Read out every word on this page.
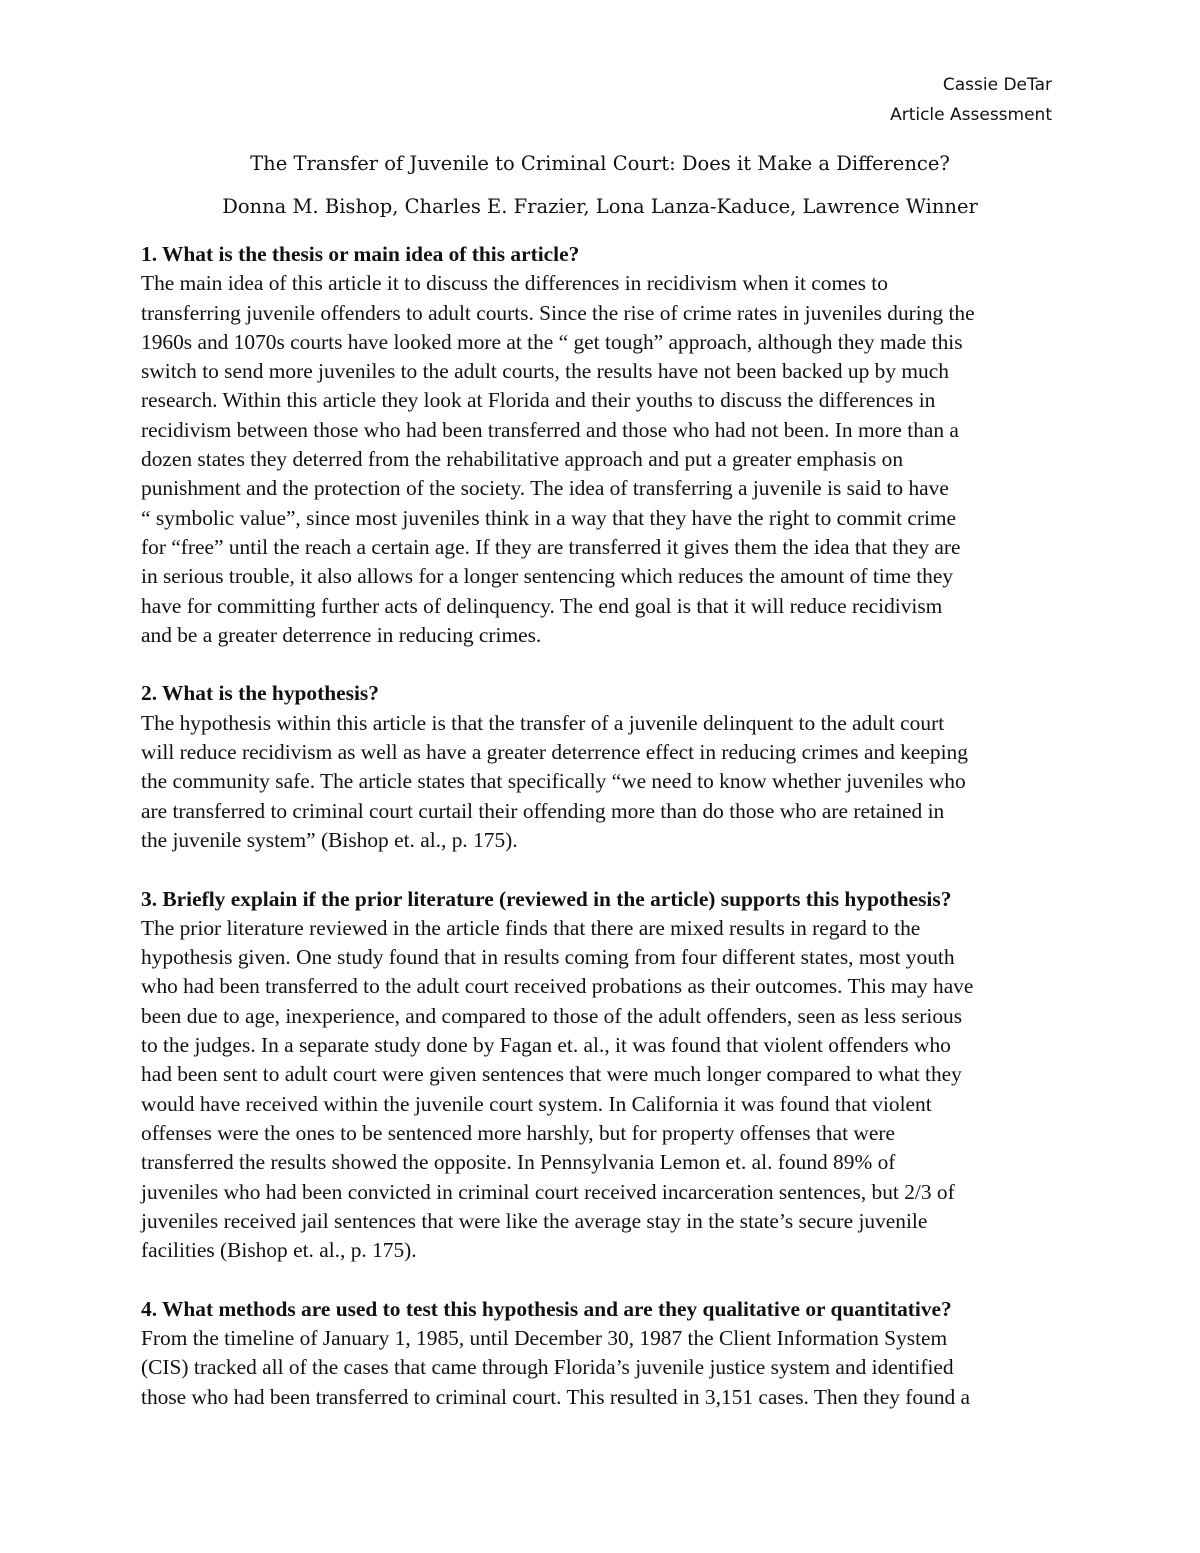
Cassie DeTar
Article Assessment
The Transfer of Juvenile to Criminal Court: Does it Make a Difference?
Donna M. Bishop, Charles E. Frazier, Lona Lanza-Kaduce, Lawrence Winner
1. What is the thesis or main idea of this article?
The main idea of this article it to discuss the differences in recidivism when it comes to
transferring juvenile offenders to adult courts. Since the rise of crime rates in juveniles during the
1960s and 1070s courts have looked more at the “ get tough” approach, although they made this
switch to send more juveniles to the adult courts, the results have not been backed up by much
research. Within this article they look at Florida and their youths to discuss the differences in
recidivism between those who had been transferred and those who had not been. In more than a
dozen states they deterred from the rehabilitative approach and put a greater emphasis on
punishment and the protection of the society. The idea of transferring a juvenile is said to have
“ symbolic value”, since most juveniles think in a way that they have the right to commit crime
for “free” until the reach a certain age. If they are transferred it gives them the idea that they are
in serious trouble, it also allows for a longer sentencing which reduces the amount of time they
have for committing further acts of delinquency. The end goal is that it will reduce recidivism
and be a greater deterrence in reducing crimes.
2. What is the hypothesis?
The hypothesis within this article is that the transfer of a juvenile delinquent to the adult court
will reduce recidivism as well as have a greater deterrence effect in reducing crimes and keeping
the community safe. The article states that specifically “we need to know whether juveniles who
are transferred to criminal court curtail their offending more than do those who are retained in
the juvenile system” (Bishop et. al., p. 175).
3. Briefly explain if the prior literature (reviewed in the article) supports this hypothesis?
The prior literature reviewed in the article finds that there are mixed results in regard to the
hypothesis given. One study found that in results coming from four different states, most youth
who had been transferred to the adult court received probations as their outcomes. This may have
been due to age, inexperience, and compared to those of the adult offenders, seen as less serious
to the judges. In a separate study done by Fagan et. al., it was found that violent offenders who
had been sent to adult court were given sentences that were much longer compared to what they
would have received within the juvenile court system. In California it was found that violent
offenses were the ones to be sentenced more harshly, but for property offenses that were
transferred the results showed the opposite. In Pennsylvania Lemon et. al. found 89% of
juveniles who had been convicted in criminal court received incarceration sentences, but 2/3 of
juveniles received jail sentences that were like the average stay in the state’s secure juvenile
facilities (Bishop et. al., p. 175).
4. What methods are used to test this hypothesis and are they qualitative or quantitative?
From the timeline of January 1, 1985, until December 30, 1987 the Client Information System
(CIS) tracked all of the cases that came through Florida’s juvenile justice system and identified
those who had been transferred to criminal court. This resulted in 3,151 cases. Then they found a
